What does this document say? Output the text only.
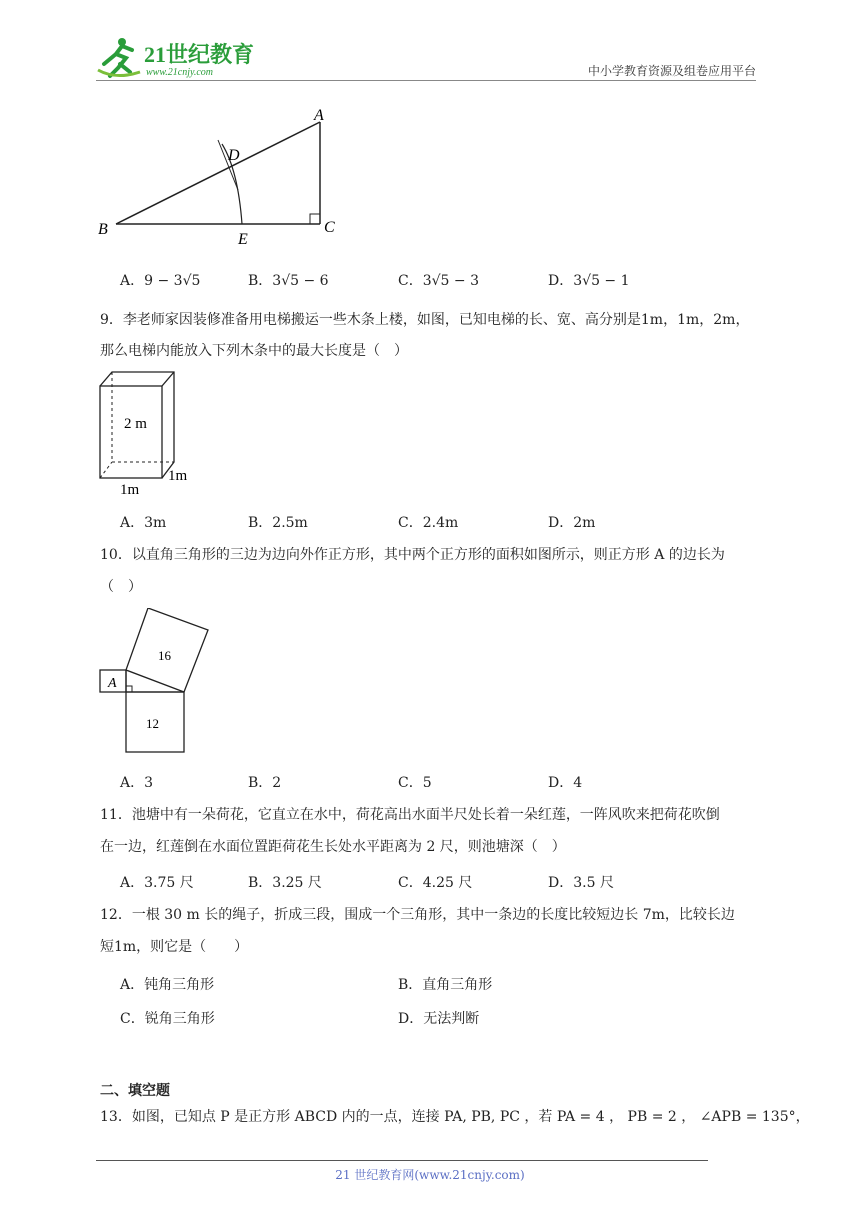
21世纪教育
www.21cnjy.com	中小学教育资源及组卷应用平台
A
B	C
D
E
A．9 − 3√5	B．3√5 − 6	C．3√5 − 3	D．3√5 − 1
9．李老师家因装修准备用电梯搬运一些木条上楼，如图，已知电梯的长、宽、高分别是1m，1m，2m，
那么电梯内能放入下列木条中的最大长度是（　）
2 m
1m
1m
A．3m	B．2.5m	C．2.4m	D．2m
10．以直角三角形的三边为边向外作正方形，其中两个正方形的面积如图所示，则正方形 A 的边长为
（　）
16
12
A
A．3	B．2	C．5	D．4
11．池塘中有一朵荷花，它直立在水中，荷花高出水面半尺处长着一朵红莲，一阵风吹来把荷花吹倒
在一边，红莲倒在水面位置距荷花生长处水平距离为 2 尺，则池塘深（　）
A．3.75 尺	B．3.25 尺	C．4.25 尺	D．3.5 尺
12．一根 30 m 长的绳子，折成三段，围成一个三角形，其中一条边的长度比较短边长 7m，比较长边
短1m，则它是（　　）
A．钝角三角形	B．直角三角形
C．锐角三角形	D．无法判断
二、填空题
13．如图，已知点 P 是正方形 ABCD 内的一点，连接 PA, PB, PC ，若 PA = 4 ， PB = 2 ， ∠APB = 135°，
21 世纪教育网(www.21cnjy.com)
